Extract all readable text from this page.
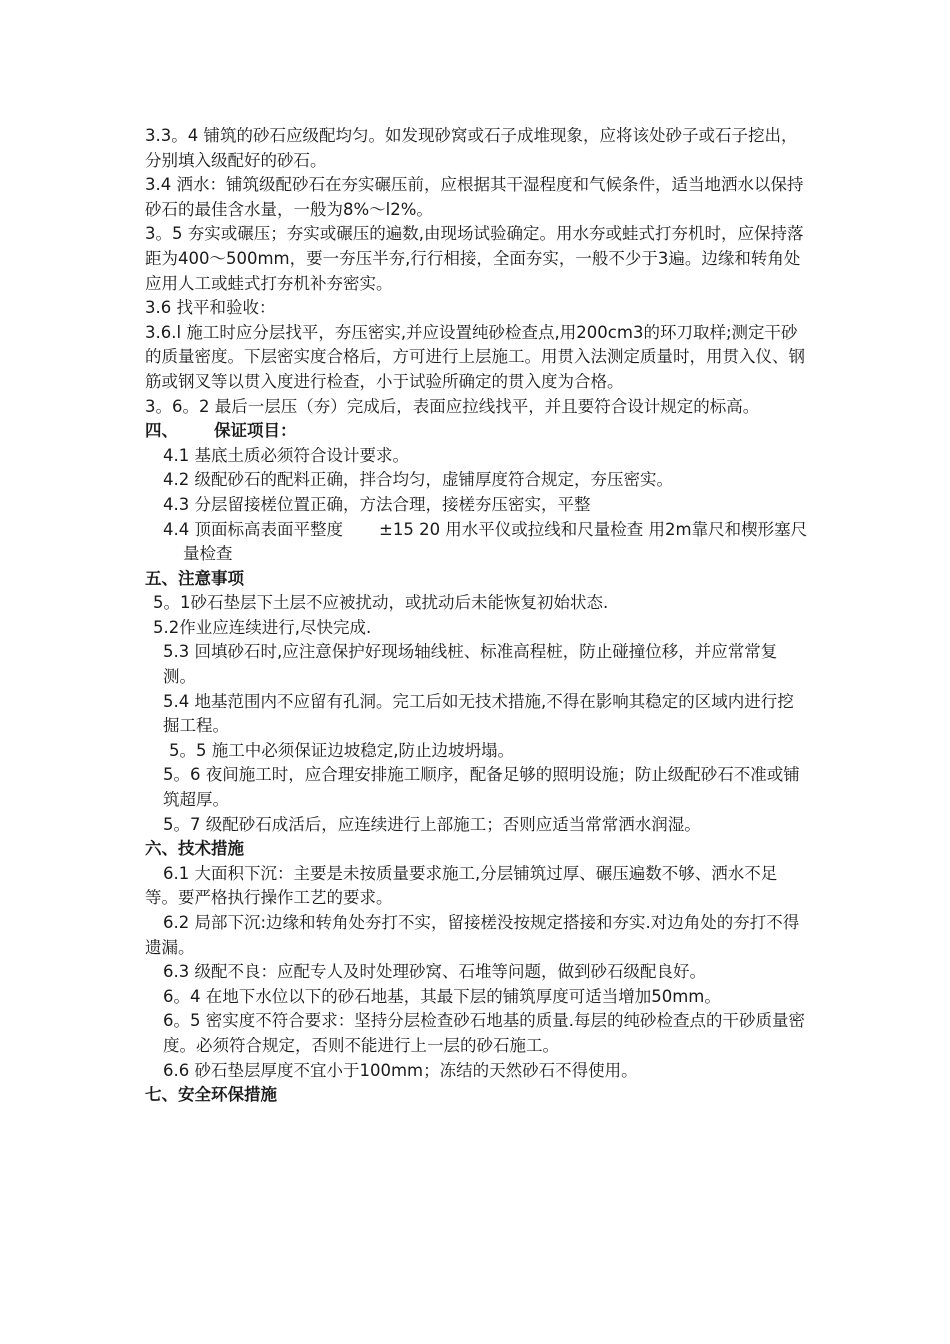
3.3。4 铺筑的砂石应级配均匀。如发现砂窝或石子成堆现象，应将该处砂子或石子挖出，分别填入级配好的砂石。

3.4 洒水：铺筑级配砂石在夯实碾压前，应根据其干湿程度和气候条件，适当地洒水以保持砂石的最佳含水量，一般为8%～l2%。

3。5 夯实或碾压；夯实或碾压的遍数,由现场试验确定。用水夯或蛙式打夯机时，应保持落距为400～500mm，要一夯压半夯,行行相接，全面夯实，一般不少于3遍。边缘和转角处应用人工或蛙式打夯机补夯密实。

3.6 找平和验收：

3.6.l 施工时应分层找平，夯压密实,并应设置纯砂检查点,用200cm3的环刀取样;测定干砂的质量密度。下层密实度合格后，方可进行上层施工。用贯入法测定质量时，用贯入仪、钢筋或钢叉等以贯入度进行检查，小于试验所确定的贯入度为合格。

3。6。2 最后一层压（夯）完成后，表面应拉线找平，并且要符合设计规定的标高。

四、 保证项目：

4.1 基底土质必须符合设计要求。

4.2 级配砂石的配料正确，拌合均匀，虚铺厚度符合规定，夯压密实。

4.3 分层留接槎位置正确，方法合理，接槎夯压密实，平整

4.4 顶面标高表面平整度 ±15 20 用水平仪或拉线和尺量检查 用2m靠尺和楔形塞尺量检查

五、注意事项

5。1砂石垫层下土层不应被扰动，或扰动后未能恢复初始状态.

5.2作业应连续进行,尽快完成.

5.3 回填砂石时,应注意保护好现场轴线桩、标准高程桩，防止碰撞位移，并应常常复测。

5.4 地基范围内不应留有孔洞。完工后如无技术措施,不得在影响其稳定的区域内进行挖掘工程。

5。5 施工中必须保证边坡稳定,防止边坡坍塌。

5。6 夜间施工时，应合理安排施工顺序，配备足够的照明设施；防止级配砂石不准或铺筑超厚。

5。7 级配砂石成活后，应连续进行上部施工；否则应适当常常洒水润湿。

六、技术措施

6.1 大面积下沉：主要是未按质量要求施工,分层铺筑过厚、碾压遍数不够、洒水不足等。要严格执行操作工艺的要求。

6.2 局部下沉:边缘和转角处夯打不实，留接槎没按规定搭接和夯实.对边角处的夯打不得遗漏。

6.3 级配不良：应配专人及时处理砂窝、石堆等问题，做到砂石级配良好。

6。4 在地下水位以下的砂石地基，其最下层的铺筑厚度可适当增加50mm。

6。5 密实度不符合要求：坚持分层检查砂石地基的质量.每层的纯砂检查点的干砂质量密度。必须符合规定，否则不能进行上一层的砂石施工。

6.6 砂石垫层厚度不宜小于100mm；冻结的天然砂石不得使用。

七、安全环保措施
